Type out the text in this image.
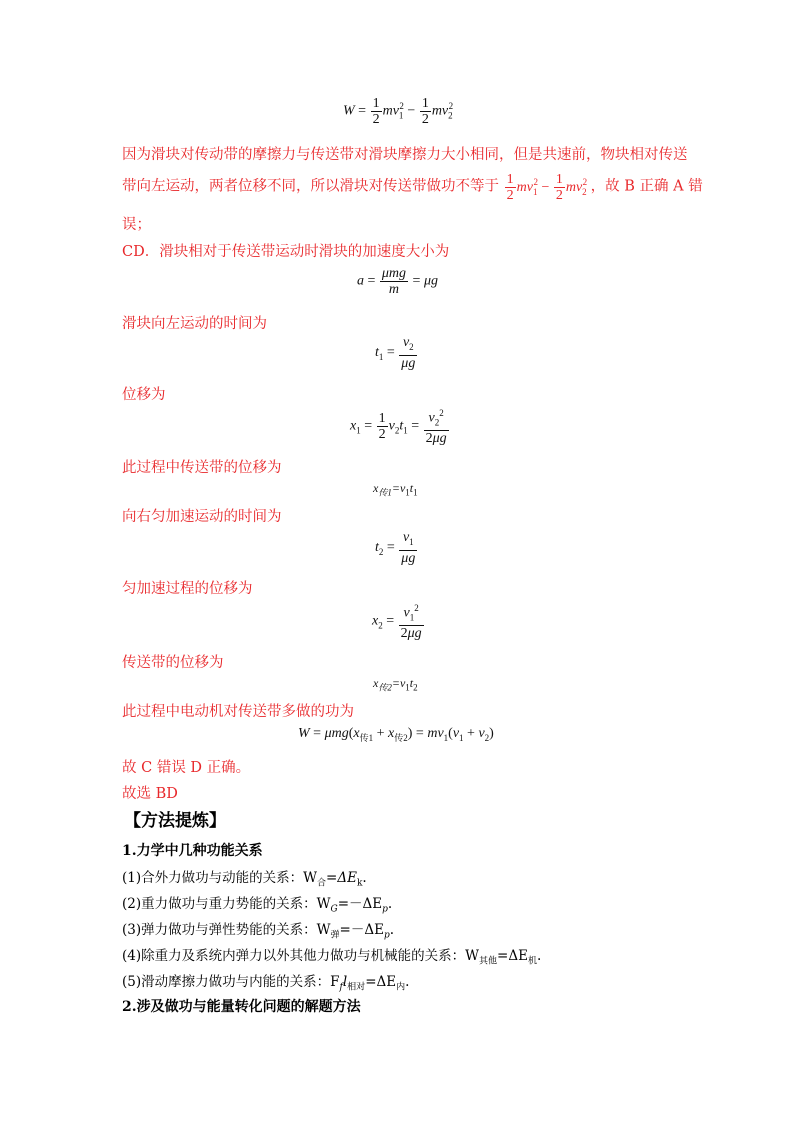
$W = \frac{1}{2} mv_1^2 - \frac{1}{2} mv_2^2$
因为滑块对传动带的摩擦力与传送带对滑块摩擦力大小相同，但是共速前，物块相对传送
带向左运动，两者位移不同，所以滑块对传送带做功不等于 $\frac{1}{2} mv_1^2 - \frac{1}{2} mv_2^2$ ，故 B 正确 A 错
误；
CD．滑块相对于传送带运动时滑块的加速度大小为
$a = \frac{\text{μmg}}{m} = \mu g$
滑块向左运动的时间为
$t_1 = \frac{v_2}{\mu g}$
位移为
$x_1 = \frac{1}{2} v_2t_1 = \frac{v_2^2}{2\mu g}$
此过程中传送带的位移为
$x_{传1}=v_1t_1$
向右匀加速运动的时间为
$t_2 = \frac{v_1}{\mu g}$
匀加速过程的位移为
$x_2 = \frac{v_1^2}{2\mu g}$
传送带的位移为
$x_{传2}=v_1t_2$
此过程中电动机对传送带多做的功为
$W = \mu mg(x_{传1} + x_{传2}) = mv_1(v_1 + v_2)$
故 C 错误 D 正确。
故选 BD
【方法提炼】
1.力学中几种功能关系
(1)合外力做功与动能的关系：$W_合=\Delta E_k$.
(2)重力做功与重力势能的关系：$W_G=-\Delta E_p$.
(3)弹力做功与弹性势能的关系：$W_弹=-\Delta E_p$.
(4)除重力及系统内弹力以外其他力做功与机械能的关系：$W_{其他}=\Delta E_机$.
(5)滑动摩擦力做功与内能的关系：$F_fl_{相对}=\Delta E_内$.
2.涉及做功与能量转化问题的解题方法
